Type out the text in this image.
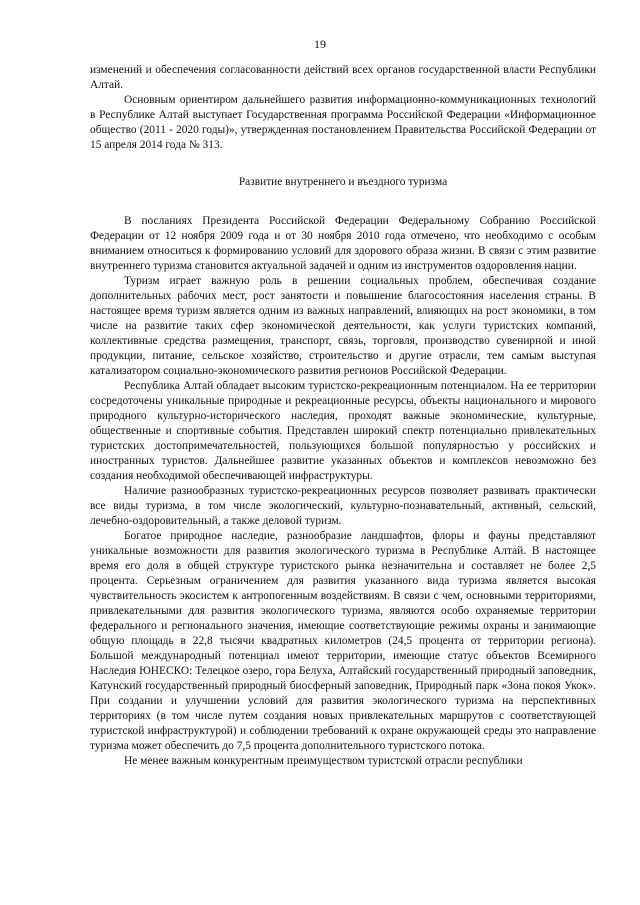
19

изменений и обеспечения согласованности действий всех органов государственной власти Республики Алтай.

Основным ориентиром дальнейшего развития информационно-коммуникационных технологий в Республике Алтай выступает Государственная программа Российской Федерации «Информационное общество (2011 - 2020 годы)», утвержденная постановлением Правительства Российской Федерации от 15 апреля 2014 года № 313.

Развитие внутреннего и въездного туризма

В посланиях Президента Российской Федерации Федеральному Собранию Российской Федерации от 12 ноября 2009 года и от 30 ноября 2010 года отмечено, что необходимо с особым вниманием относиться к формированию условий для здорового образа жизни. В связи с этим развитие внутреннего туризма становится актуальной задачей и одним из инструментов оздоровления нации.

Туризм играет важную роль в решении социальных проблем, обеспечивая создание дополнительных рабочих мест, рост занятости и повышение благосостояния населения страны. В настоящее время туризм является одним из важных направлений, влияющих на рост экономики, в том числе на развитие таких сфер экономической деятельности, как услуги туристских компаний, коллективные средства размещения, транспорт, связь, торговля, производство сувенирной и иной продукции, питание, сельское хозяйство, строительство и другие отрасли, тем самым выступая катализатором социально-экономического развития регионов Российской Федерации.

Республика Алтай обладает высоким туристско-рекреационным потенциалом. На ее территории сосредоточены уникальные природные и рекреационные ресурсы, объекты национального и мирового природного культурно-исторического наследия, проходят важные экономические, культурные, общественные и спортивные события. Представлен широкий спектр потенциально привлекательных туристских достопримечательностей, пользующихся большой популярностью у российских и иностранных туристов. Дальнейшее развитие указанных объектов и комплексов невозможно без создания необходимой обеспечивающей инфраструктуры.

Наличие разнообразных туристско-рекреационных ресурсов позволяет развивать практически все виды туризма, в том числе экологический, культурно-познавательный, активный, сельский, лечебно-оздоровительный, а также деловой туризм.

Богатое природное наследие, разнообразие ландшафтов, флоры и фауны представляют уникальные возможности для развития экологического туризма в Республике Алтай. В настоящее время его доля в общей структуре туристского рынка незначительна и составляет не более 2,5 процента. Серьезным ограничением для развития указанного вида туризма является высокая чувствительность экосистем к антропогенным воздействиям. В связи с чем, основными территориями, привлекательными для развития экологического туризма, являются особо охраняемые территории федерального и регионального значения, имеющие соответствующие режимы охраны и занимающие общую площадь в 22,8 тысячи квадратных километров (24,5 процента от территории региона). Большой международный потенциал имеют территории, имеющие статус объектов Всемирного Наследия ЮНЕСКО: Телецкое озеро, гора Белуха, Алтайский государственный природный заповедник, Катунский государственный природный биосферный заповедник, Природный парк «Зона покоя Укок». При создании и улучшении условий для развития экологического туризма на перспективных территориях (в том числе путем создания новых привлекательных маршрутов с соответствующей туристской инфраструктурой) и соблюдении требований к охране окружающей среды это направление туризма может обеспечить до 7,5 процента дополнительного туристского потока.

Не менее важным конкурентным преимуществом туристской отрасли республики
